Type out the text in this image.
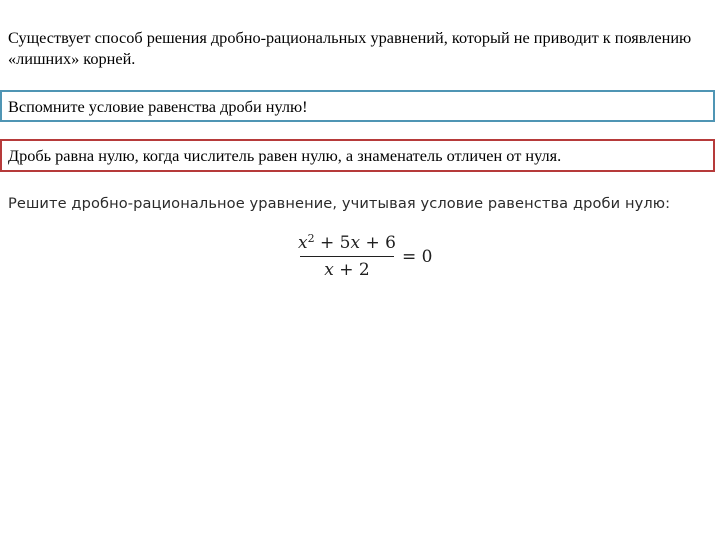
Существует способ решения дробно-рациональных уравнений, который не приводит к появлению «лишних» корней.
Вспомните условие равенства дроби нулю!
Дробь равна нулю, когда числитель равен нулю, а знаменатель отличен от нуля.
Решите дробно-рациональное уравнение, учитывая условие равенства дроби нулю:
$\frac{x^2 + 5x + 6}{x + 2} = 0$
